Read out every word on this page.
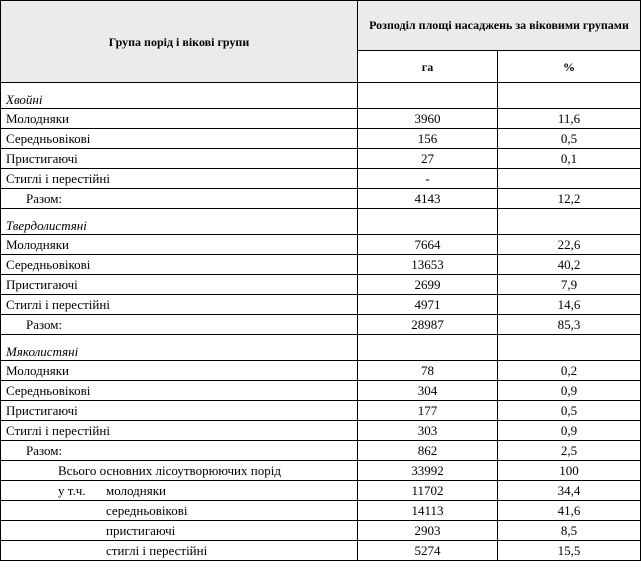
Група порід і вікові групи	Розподіл площі насаджень за віковими групами	
	га	%
Хвойні		
Молодняки	3960	11,6
Середньовікові	156	0,5
Пристигаючі	27	0,1
Стиглі і перестійні	-	
Разом:	4143	12,2
Твердолистяні		
Молодняки	7664	22,6
Середньовікові	13653	40,2
Пристигаючі	2699	7,9
Стиглі і перестійні	4971	14,6
Разом:	28987	85,3
Мяколистяні		
Молодняки	78	0,2
Середньовікові	304	0,9
Пристигаючі	177	0,5
Стиглі і перестійні	303	0,9
Разом:	862	2,5
Всього основних лісоутворюючих порід	33992	100
у т.ч. молодняки	11702	34,4
середньовікові	14113	41,6
пристигаючі	2903	8,5
стиглі і перестійні	5274	15,5
